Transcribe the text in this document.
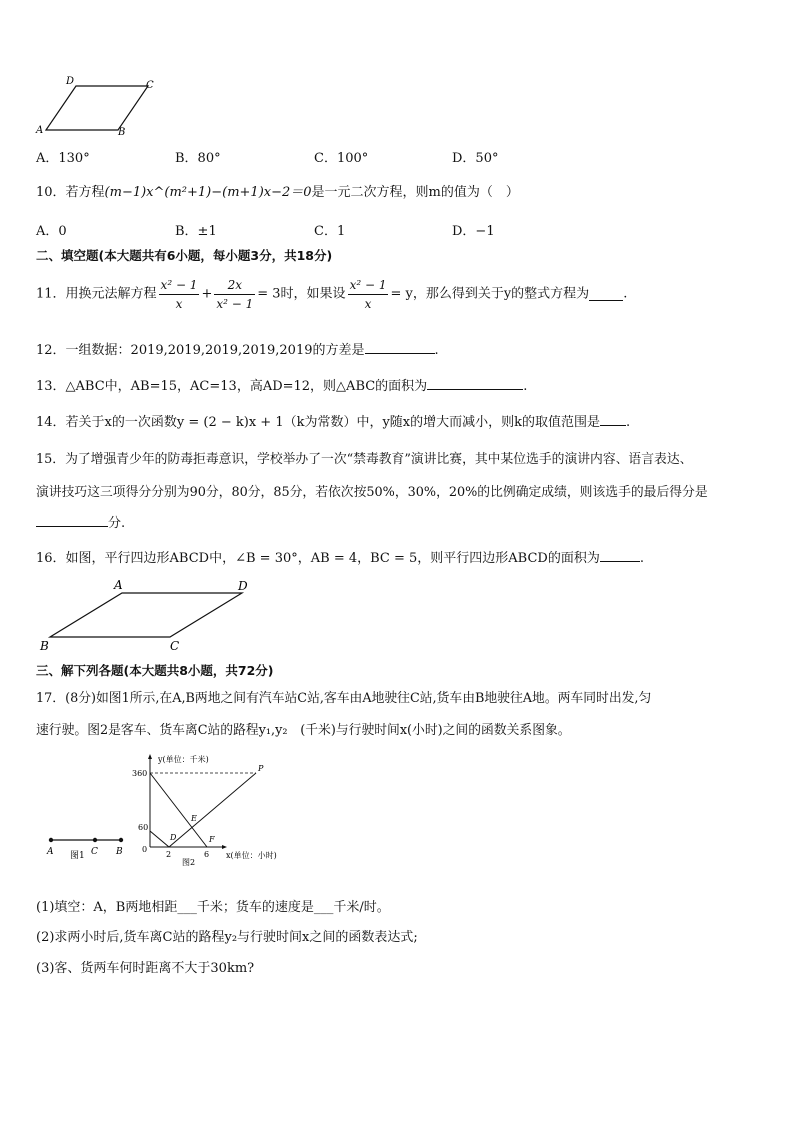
D	C
A	B
A．130°	B．80°	C．100°	D．50°
10．若方程(m−1)x^(m²+1)−(m+1)x−2＝0是一元二次方程，则m的值为（　）
A．0	B．±1	C．1	D．−1
二、填空题(本大题共有6小题，每小题3分，共18分)
11．用换元法解方程 $\frac{\text{x² − 1}}{x} + \frac{2x}{\text{x² − 1}} = 3$时，如果设 $\frac{\text{x² − 1}}{x} = y$，那么得到关于y的整式方程为	.
12．一组数据：2019,2019,2019,2019,2019的方差是	.
13．△ABC中，AB=15，AC=13，高AD=12，则△ABC的面积为	.
14．若关于x的一次函数y = (2 − k)x + 1（k为常数）中，y随x的增大而减小，则k的取值范围是 .
15．为了增强青少年的防毒拒毒意识，学校举办了一次“禁毒教育”演讲比赛，其中某位选手的演讲内容、语言表达、
演讲技巧这三项得分分别为90分，80分，85分，若依次按50%，30%，20%的比例确定成绩，则该选手的最后得分是
分.
16．如图，平行四边形ABCD中，∠B = 30°，AB = 4，BC = 5，则平行四边形ABCD的面积为	.
A	D
B	C
三、解下列各题(本大题共8小题，共72分)
17．(8分)如图1所示,在A,B两地之间有汽车站C站,客车由A地驶往C站,货车由B地驶往A地。两车同时出发,匀
速行驶。图2是客车、货车离C站的路程y₁,y₂　(千米)与行驶时间x(小时)之间的函数关系图象。
A	C B
图1
360
60
0
2	6
y(单位：千米)
x(单位：小时)
P
E
D	F
图2
(1)填空：A，B两地相距___千米；货车的速度是___千米/时。
(2)求两小时后,货车离C站的路程y₂与行驶时间x之间的函数表达式;
(3)客、货两车何时距离不大于30km?
